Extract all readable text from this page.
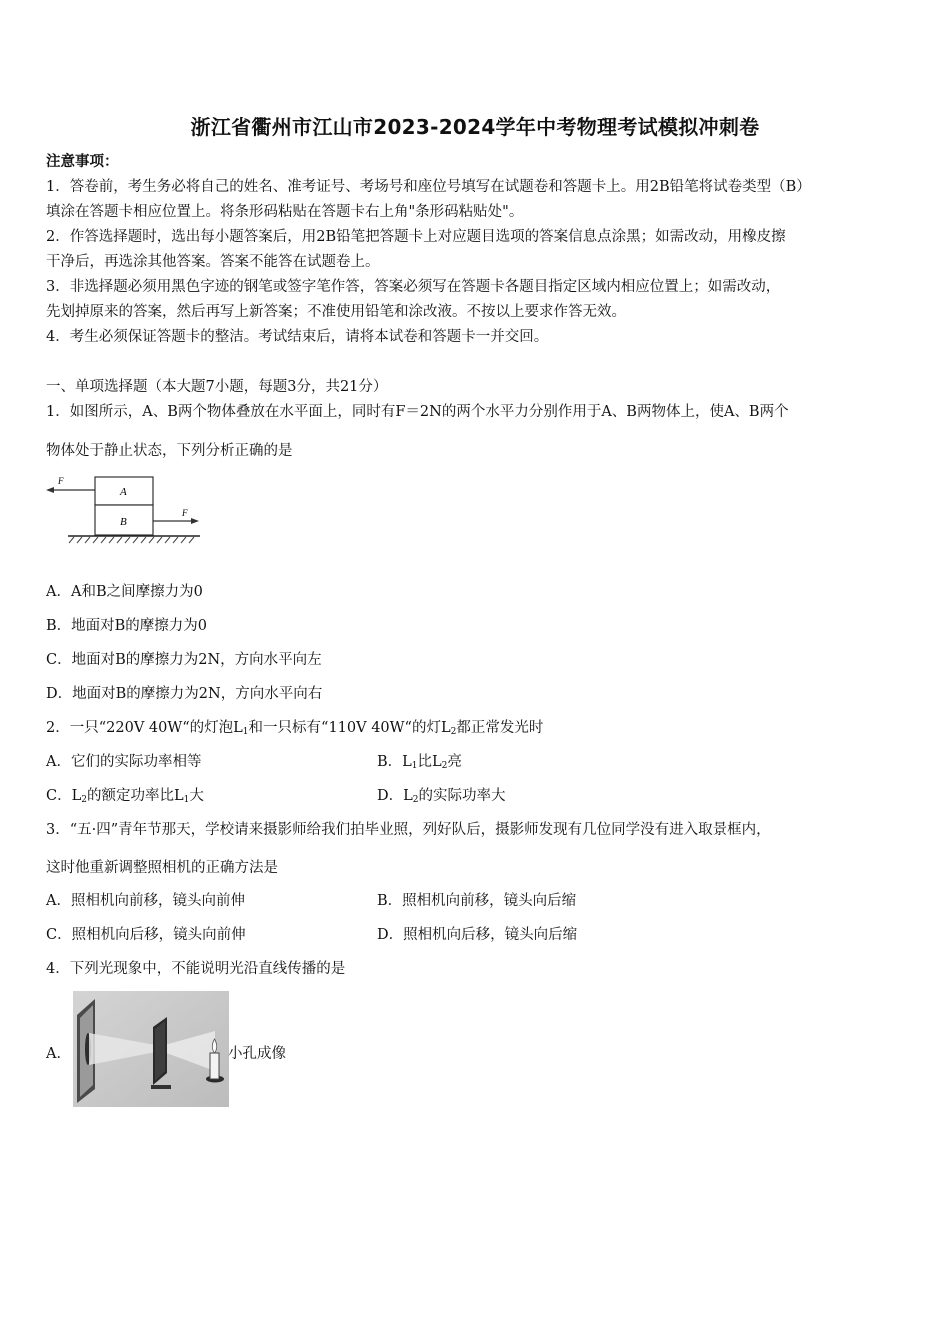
浙江省衢州市江山市2023-2024学年中考物理考试模拟冲刺卷
注意事项：
1．答卷前，考生务必将自己的姓名、准考证号、考场号和座位号填写在试题卷和答题卡上。用2B铅笔将试卷类型（B）
填涂在答题卡相应位置上。将条形码粘贴在答题卡右上角"条形码粘贴处"。
2．作答选择题时，选出每小题答案后，用2B铅笔把答题卡上对应题目选项的答案信息点涂黑；如需改动，用橡皮擦
干净后，再选涂其他答案。答案不能答在试题卷上。
3．非选择题必须用黑色字迹的钢笔或签字笔作答，答案必须写在答题卡各题目指定区域内相应位置上；如需改动，
先划掉原来的答案，然后再写上新答案；不准使用铅笔和涂改液。不按以上要求作答无效。
4．考生必须保证答题卡的整洁。考试结束后，请将本试卷和答题卡一并交回。
一、单项选择题（本大题7小题，每题3分，共21分）
1．如图所示，A、B两个物体叠放在水平面上，同时有F＝2N的两个水平力分别作用于A、B两物体上，使A、B两个
物体处于静止状态，下列分析正确的是
A
B
F
F
A．A和B之间摩擦力为0
B．地面对B的摩擦力为0
C．地面对B的摩擦力为2N，方向水平向左
D．地面对B的摩擦力为2N，方向水平向右
2．一只“220V 40W“的灯泡$L_1$和一只标有“110V 40W“的灯$L_2$都正常发光时
A．它们的实际功率相等	B．$L_1$比$L_2$亮
C．$L_2$的额定功率比$L_1$大	D．$L_2$的实际功率大
3．“五·四”青年节那天，学校请来摄影师给我们拍毕业照，列好队后，摄影师发现有几位同学没有进入取景框内，
这时他重新调整照相机的正确方法是
A．照相机向前移，镜头向前伸	B．照相机向前移，镜头向后缩
C．照相机向后移，镜头向前伸	D．照相机向后移，镜头向后缩
4．下列光现象中，不能说明光沿直线传播的是
A．	小孔成像
